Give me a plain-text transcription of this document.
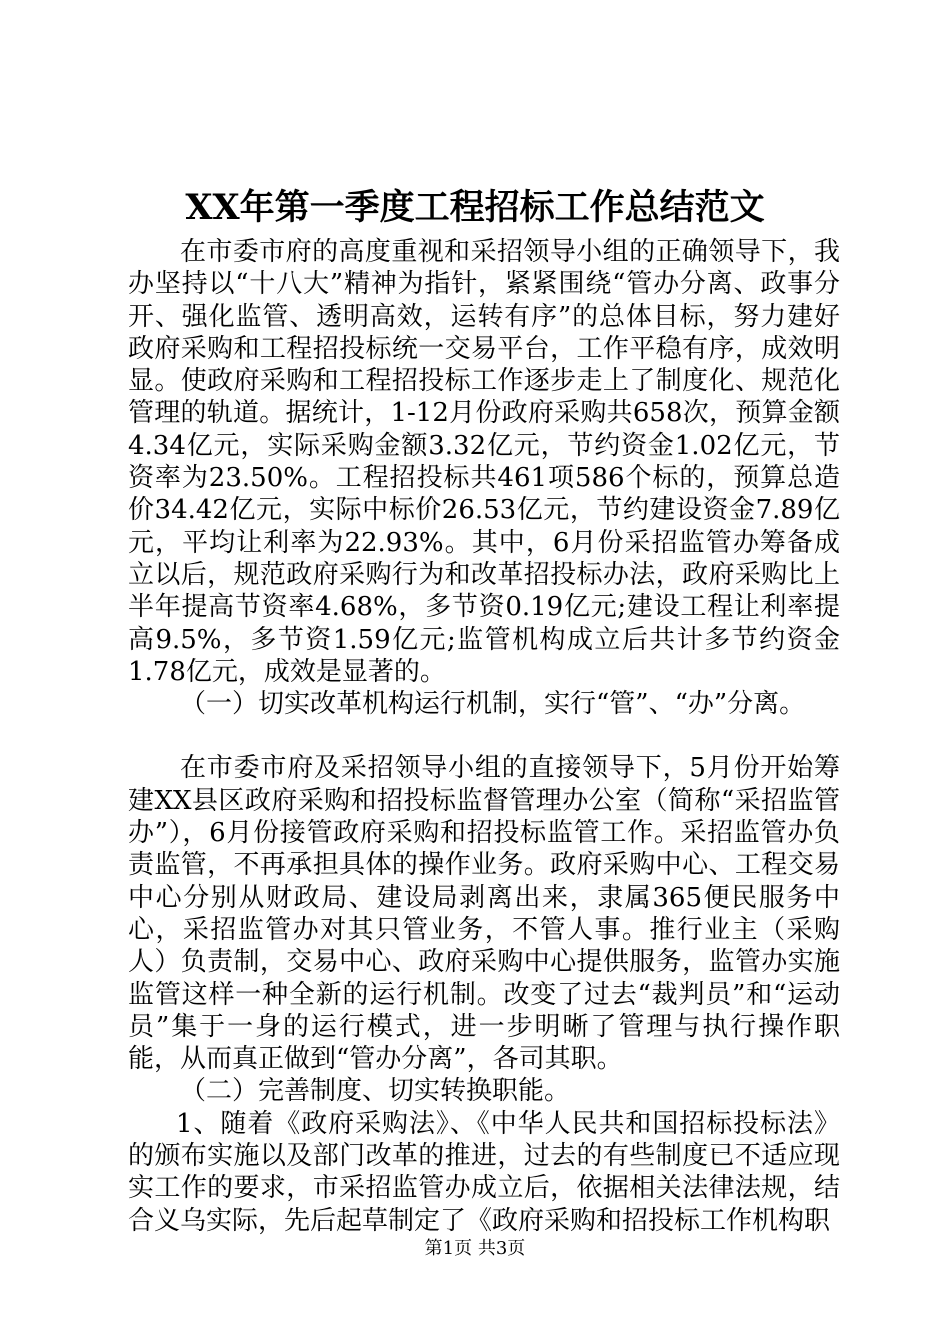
XX年第一季度工程招标工作总结范文

在市委市府的高度重视和采招领导小组的正确领导下，我办坚持以“十八大”精神为指针，紧紧围绕“管办分离、政事分开、强化监管、透明高效，运转有序”的总体目标，努力建好政府采购和工程招投标统一交易平台，工作平稳有序，成效明显。使政府采购和工程招投标工作逐步走上了制度化、规范化管理的轨道。据统计，1-12月份政府采购共658次，预算金额4.34亿元，实际采购金额3.32亿元，节约资金1.02亿元，节资率为23.50%。工程招投标共461项586个标的，预算总造价34.42亿元，实际中标价26.53亿元，节约建设资金7.89亿元，平均让利率为22.93%。其中，6月份采招监管办筹备成立以后，规范政府采购行为和改革招投标办法，政府采购比上半年提高节资率4.68%，多节资0.19亿元;建设工程让利率提高9.5%，多节资1.59亿元;监管机构成立后共计多节约资金1.78亿元，成效是显著的。

（一）切实改革机构运行机制，实行“管”、“办”分离。

在市委市府及采招领导小组的直接领导下，5月份开始筹建XX县区政府采购和招投标监督管理办公室（简称“采招监管办”），6月份接管政府采购和招投标监管工作。采招监管办负责监管，不再承担具体的操作业务。政府采购中心、工程交易中心分别从财政局、建设局剥离出来，隶属365便民服务中心，采招监管办对其只管业务，不管人事。推行业主（采购人）负责制，交易中心、政府采购中心提供服务，监管办实施监管这样一种全新的运行机制。改变了过去“裁判员”和“运动员”集于一身的运行模式，进一步明晰了管理与执行操作职能，从而真正做到“管办分离”，各司其职。

（二）完善制度、切实转换职能。

1、随着《政府采购法》、《中华人民共和国招标投标法》的颁布实施以及部门改革的推进，过去的有些制度已不适应现实工作的要求，市采招监管办成立后，依据相关法律法规，结合义乌实际，先后起草制定了《政府采购和招投标工作机构职

第1页 共3页
